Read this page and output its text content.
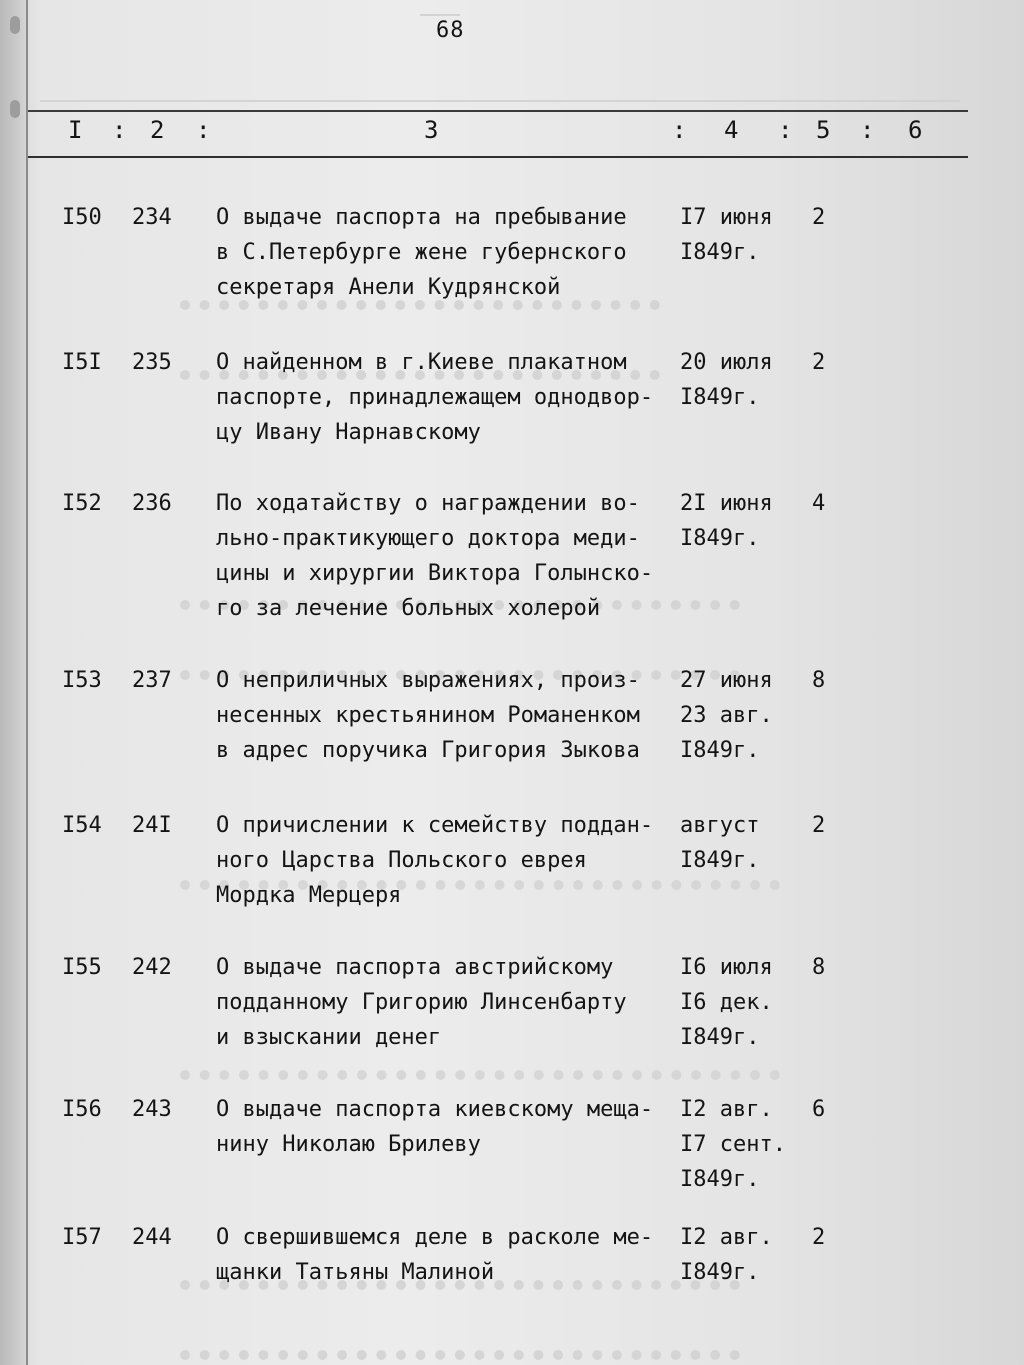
68
I : 2 :	3	: 4 : 5 : 6
I50 234 О выдаче паспорта на пребывание
в С.Петербурге жене губернского
секретаря Анели Кудрянской
I7 июня
I849г.
2
I5I 235 О найденном в г.Киеве плакатном
паспорте, принадлежащем однодвор-
цу Ивану Нарнавскому
20 июля
I849г.
2
I52 236 По ходатайству о награждении во-
льно-практикующего доктора меди-
цины и хирургии Виктора Голынско-
го за лечение больных холерой
2I июня
I849г.
4
I53 237 О неприличных выражениях, произ-
несенных крестьянином Романенком
в адрес поручика Григория Зыкова
27 июня
23 авг.
I849г.
8
I54 24I О причислении к семейству поддан-
ного Царства Польского еврея
Мордка Мерцеря
август
I849г.
2
I55 242 О выдаче паспорта австрийскому
подданному Григорию Линсенбарту
и взыскании денег
I6 июля
I6 дек.
I849г.
8
I56 243 О выдаче паспорта киевскому меща-
нину Николаю Брилеву
I2 авг.
I7 сент.
I849г.
6
I57 244 О свершившемся деле в расколе ме-
щанки Татьяны Малиной
I2 авг.
I849г.
2
